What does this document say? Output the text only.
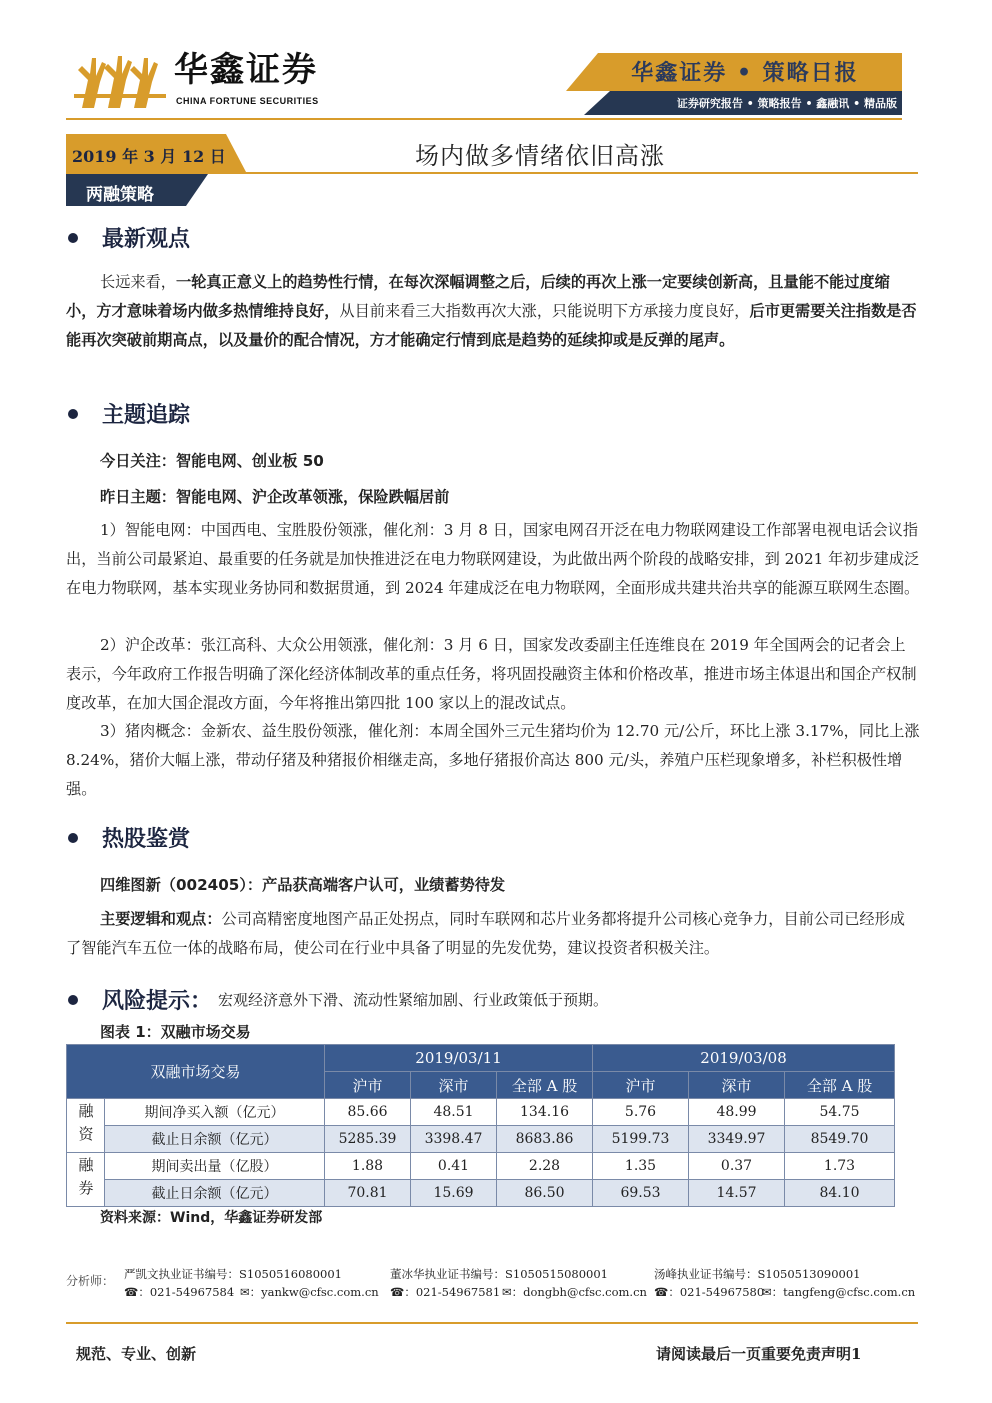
华鑫证券
CHINA FORTUNE SECURITIES
华鑫证券 • 策略日报
证券研究报告 • 策略报告 • 鑫融讯 • 精品版
2019 年 3 月 12 日	场内做多情绪依旧高涨
两融策略
最新观点

长远来看，一轮真正意义上的趋势性行情，在每次深幅调整之后，后续的再次上涨一定要续创新高，且量能不能过度缩小，方才意味着场内做多热情维持良好，从目前来看三大指数再次大涨，只能说明下方承接力度良好，后市更需要关注指数是否能再次突破前期高点，以及量价的配合情况，方才能确定行情到底是趋势的延续抑或是反弹的尾声。

主题追踪
今日关注：智能电网、创业板 50
昨日主题：智能电网、沪企改革领涨，保险跌幅居前

1）智能电网：中国西电、宝胜股份领涨，催化剂：3 月 8 日，国家电网召开泛在电力物联网建设工作部署电视电话会议指出，当前公司最紧迫、最重要的任务就是加快推进泛在电力物联网建设，为此做出两个阶段的战略安排，到 2021 年初步建成泛在电力物联网，基本实现业务协同和数据贯通，到 2024 年建成泛在电力物联网，全面形成共建共治共享的能源互联网生态圈。

2）沪企改革：张江高科、大众公用领涨，催化剂：3 月 6 日，国家发改委副主任连维良在 2019 年全国两会的记者会上表示，今年政府工作报告明确了深化经济体制改革的重点任务，将巩固投融资主体和价格改革，推进市场主体退出和国企产权制度改革，在加大国企混改方面，今年将推出第四批 100 家以上的混改试点。

3）猪肉概念：金新农、益生股份领涨，催化剂：本周全国外三元生猪均价为 12.70 元/公斤，环比上涨 3.17%，同比上涨 8.24%，猪价大幅上涨，带动仔猪及种猪报价相继走高，多地仔猪报价高达 800 元/头，养殖户压栏现象增多，补栏积极性增强。

热股鉴赏
四维图新（002405）：产品获高端客户认可，业绩蓄势待发

主要逻辑和观点：公司高精密度地图产品正处拐点，同时车联网和芯片业务都将提升公司核心竞争力，目前公司已经形成了智能汽车五位一体的战略布局，使公司在行业中具备了明显的先发优势，建议投资者积极关注。

风险提示： 宏观经济意外下滑、流动性紧缩加剧、行业政策低于预期。
图表 1：双融市场交易
双融市场交易		2019/03/11			2019/03/08		
		沪市	深市	全部 A 股	沪市	深市	全部 A 股
融资	期间净买入额（亿元）	85.66	48.51	134.16	5.76	48.99	54.75
	截止日余额（亿元）	5285.39	3398.47	8683.86	5199.73	3349.97	8549.70
融券	期间卖出量（亿股）	1.88	0.41	2.28	1.35	0.37	1.73
	截止日余额（亿元）	70.81	15.69	86.50	69.53	14.57	84.10
资料来源：Wind，华鑫证券研发部
分析师： 严凯文执业证书编号：S1050516080001
☎：021-54967584 ✉：yankw@cfsc.com.cn
董冰华执业证书编号：S1050515080001
☎：021-54967581 ✉：dongbh@cfsc.com.cn
汤峰执业证书编号：S1050513090001
☎：021-54967580
✉：tangfeng@cfsc.com.cn
规范、专业、创新	请阅读最后一页重要免责声明1
